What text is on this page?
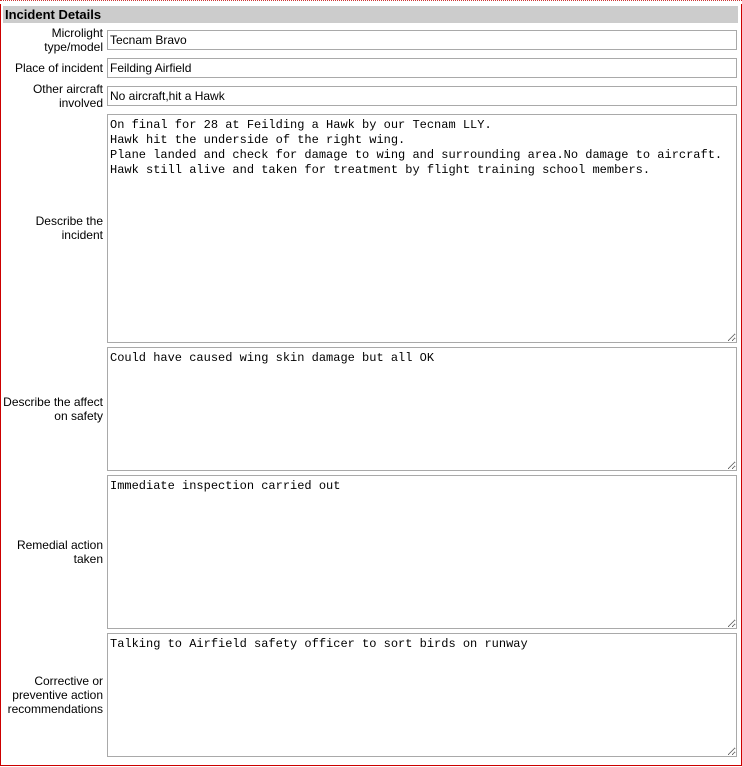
Incident Details
Microlight type/model
Tecnam Bravo
Place of incident
Feilding Airfield
Other aircraft involved
No aircraft,hit a Hawk
Describe the incident
On final for 28 at Feilding a Hawk by our Tecnam LLY. Hawk hit the underside of the right wing. Plane landed and check for damage to wing and surrounding area.No damage to aircraft. Hawk still alive and taken for treatment by flight training school members.
Describe the affect on safety
Could have caused wing skin damage but all OK
Remedial action taken
Immediate inspection carried out
Corrective or preventive action recommendations
Talking to Airfield safety officer to sort birds on runway
